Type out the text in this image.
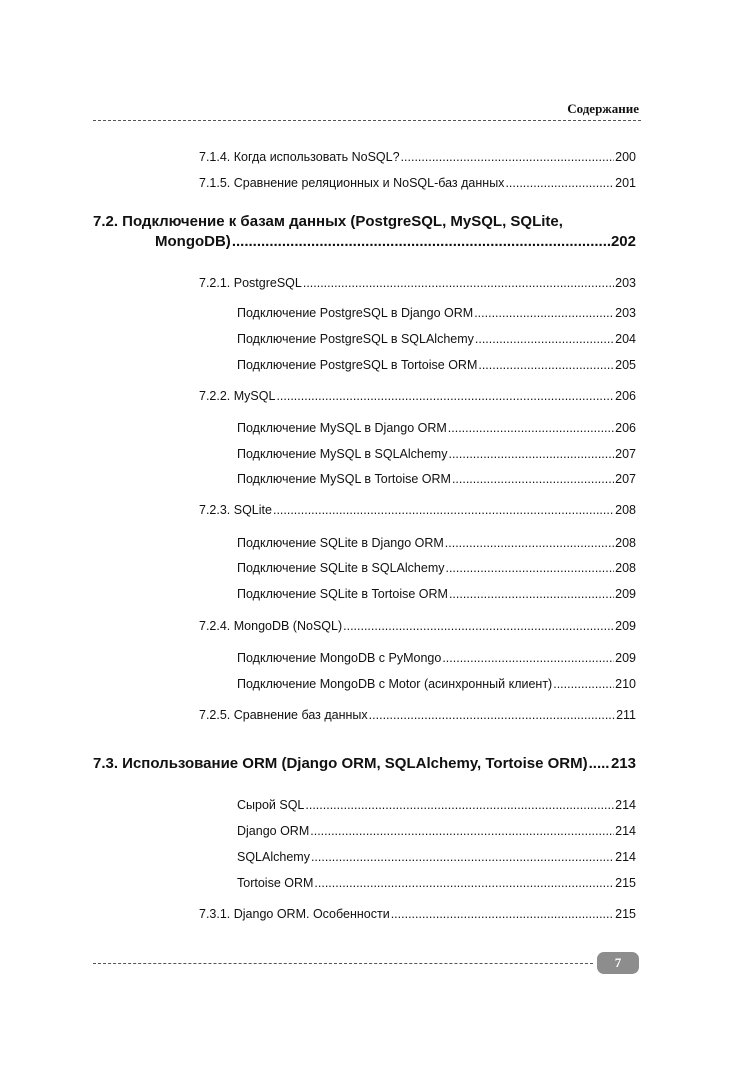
Содержание
7.1.4. Когда использовать NoSQL? .....	200
7.1.5. Сравнение реляционных и NoSQL-баз данных .....	201
7.2. Подключение к базам данных (PostgreSQL, MySQL, SQLite,
MongoDB) .....	202
7.2.1. PostgreSQL .....	203
Подключение PostgreSQL в Django ORM .....	203
Подключение PostgreSQL в SQLAlchemy .....	204
Подключение PostgreSQL в Tortoise ORM .....	205
7.2.2. MySQL .....	206
Подключение MySQL в Django ORM .....	206
Подключение MySQL в SQLAlchemy .....	207
Подключение MySQL в Tortoise ORM .....	207
7.2.3. SQLite .....	208
Подключение SQLite в Django ORM .....	208
Подключение SQLite в SQLAlchemy .....	208
Подключение SQLite в Tortoise ORM .....	209
7.2.4. MongoDB (NoSQL) .....	209
Подключение MongoDB с PyMongo .....	209
Подключение MongoDB с Motor (асинхронный клиент) .....	210
7.2.5. Сравнение баз данных .....	211
7.3. Использование ORM (Django ORM, SQLAlchemy, Tortoise ORM) ..... 213
Сырой SQL .....	214
Django ORM .....	214
SQLAlchemy .....	214
Tortoise ORM .....	215
7.3.1. Django ORM. Особенности .....	215
7
